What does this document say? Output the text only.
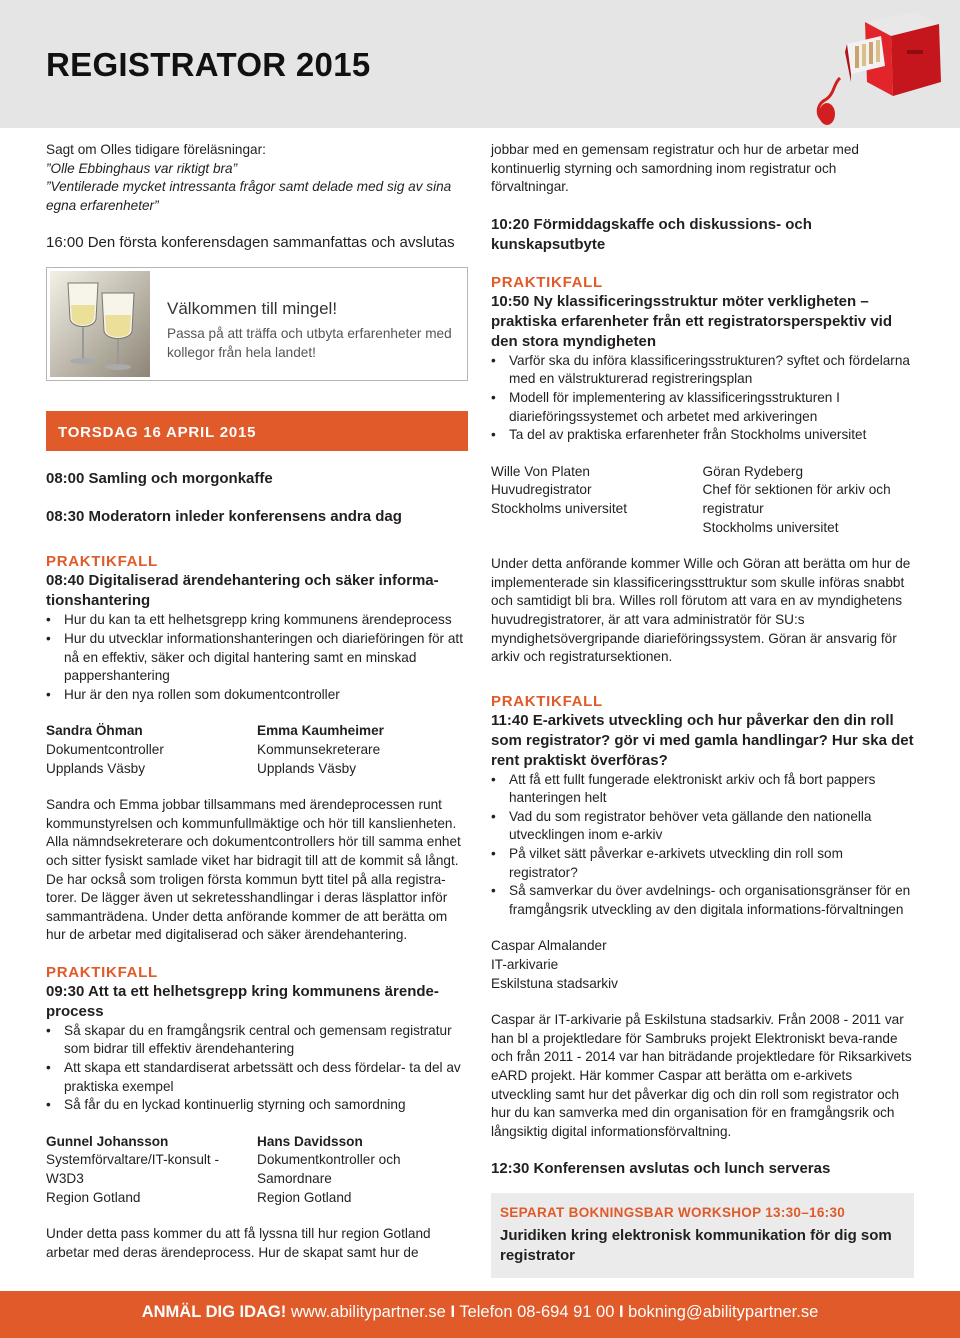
REGISTRATOR 2015

Sagt om Olles tidigare föreläsningar:

”Olle Ebbinghaus var riktigt bra”

”Ventilerade mycket intressanta frågor samt delade med sig av sina egna erfarenheter”

16:00 Den första konferensdagen sammanfattas och avslutas

Välkommen till mingel!
Passa på att träffa och utbyta erfarenheter med kollegor från hela landet!
TORSDAG 16 APRIL 2015

08:00 Samling och morgonkaffe

08:30 Moderatorn inleder konferensens andra dag

PRAKTIKFALL

08:40 Digitaliserad ärendehantering och säker informa-tionshantering

• Hur du kan ta ett helhetsgrepp kring kommunens ärendeprocess
• Hur du utvecklar informationshanteringen och diarieföringen för att nå en effektiv, säker och digital hantering samt en minskad pappershantering
• Hur är den nya rollen som dokumentcontroller

Sandra Öhman

Dokumentcontroller

Upplands Väsby

Emma Kaumheimer

Kommunsekreterare

Upplands Väsby

Sandra och Emma jobbar tillsammans med ärendeprocessen runt kommunstyrelsen och kommunfullmäktige och hör till kanslienheten. Alla nämndsekreterare och dokumentcontrollers hör till samma enhet och sitter fysiskt samlade viket har bidragit till att de kommit så långt. De har också som troligen första kommun bytt titel på alla registra-torer. De lägger även ut sekretesshandlingar i deras läsplattor inför sammanträdena. Under detta anförande kommer de att berätta om hur de arbetar med digitaliserad och säker ärendehantering.

PRAKTIKFALL

09:30 Att ta ett helhetsgrepp kring kommunens ärende-process

• Så skapar du en framgångsrik central och gemensam registratur som bidrar till effektiv ärendehantering
• Att skapa ett standardiserat arbetssätt och dess fördelar- ta del av praktiska exempel
• Så får du en lyckad kontinuerlig styrning och samordning

Gunnel Johansson

Systemförvaltare/IT-konsult - W3D3

Region Gotland

Hans Davidsson

Dokumentkontroller och Samordnare

Region Gotland

Under detta pass kommer du att få lyssna till hur region Gotland arbetar med deras ärendeprocess. Hur de skapat samt hur de

jobbar med en gemensam registratur och hur de arbetar med kontinuerlig styrning och samordning inom registratur och förvaltningar.

10:20 Förmiddagskaffe och diskussions- och kunskapsutbyte

PRAKTIKFALL

10:50 Ny klassificeringsstruktur möter verkligheten – praktiska erfarenheter från ett registratorsperspektiv vid den stora myndigheten

• Varför ska du införa klassificeringsstrukturen? syftet och fördelarna med en välstrukturerad registreringsplan
• Modell för implementering av klassificeringsstrukturen I diarieföringssystemet och arbetet med arkiveringen
• Ta del av praktiska erfarenheter från Stockholms universitet

Wille Von Platen

Huvudregistrator

Stockholms universitet

Göran Rydeberg

Chef för sektionen för arkiv och registratur

Stockholms universitet

Under detta anförande kommer Wille och Göran att berätta om hur de implementerade sin klassificeringssttruktur som skulle införas snabbt och samtidigt bli bra. Willes roll förutom att vara en av myndighetens huvudregistratorer, är att vara administratör för SU:s myndighetsövergripande diarieföringssystem. Göran är ansvarig för arkiv och registratursektionen.

PRAKTIKFALL

11:40 E-arkivets utveckling och hur påverkar den din roll som registrator? gör vi med gamla handlingar? Hur ska det rent praktiskt överföras?

• Att få ett fullt fungerade elektroniskt arkiv och få bort pappers hanteringen helt
• Vad du som registrator behöver veta gällande den nationella utvecklingen inom e-arkiv
• På vilket sätt påverkar e-arkivets utveckling din roll som registrator?
• Så samverkar du över avdelnings- och organisationsgränser för en framgångsrik utveckling av den digitala informations-förvaltningen

Caspar Almalander

IT-arkivarie

Eskilstuna stadsarkiv

Caspar är IT-arkivarie på Eskilstuna stadsarkiv. Från 2008 - 2011 var han bl a projektledare för Sambruks projekt Elektroniskt beva-rande och från 2011 - 2014 var han biträdande projektledare för Riksarkivets eARD projekt. Här kommer Caspar att berätta om e-arkivets utveckling samt hur det påverkar dig och din roll som registrator och hur du kan samverka med din organisation för en framgångsrik och långsiktig digital informationsförvaltning.

12:30 Konferensen avslutas och lunch serveras

SEPARAT BOKNINGSBAR WORKSHOP 13:30–16:30
Juridiken kring elektronisk kommunikation för dig som registrator
ANMÄL DIG IDAG! www.abilitypartner.se I Telefon 08-694 91 00 I bokning@abilitypartner.se
